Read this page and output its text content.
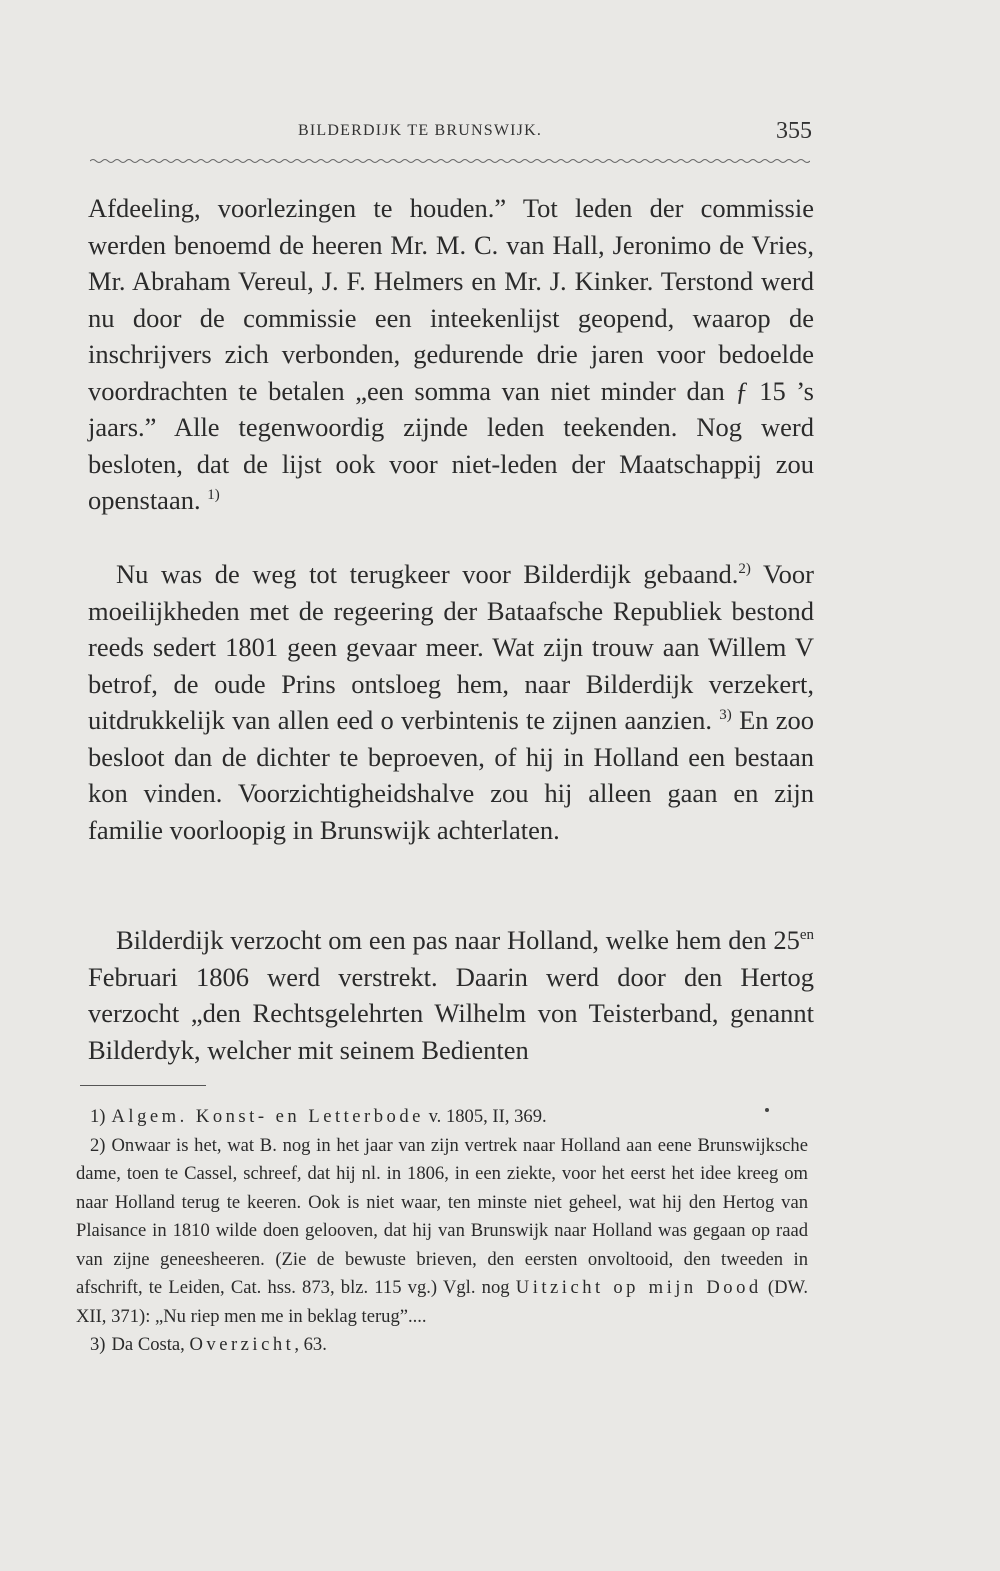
BILDERDIJK TE BRUNSWIJK.	355

Afdeeling, voorlezingen te houden.” Tot leden der commissie werden benoemd de heeren Mr. M. C. van Hall, Jeronimo de Vries, Mr. Abraham Vereul, J. F. Helmers en Mr. J. Kinker. Terstond werd nu door de commissie een inteekenlijst geopend, waarop de inschrijvers zich verbonden, gedurende drie jaren voor bedoelde voordrachten te betalen „een somma van niet minder dan ƒ 15 ’s jaars.” Alle tegenwoordig zijnde leden teekenden. Nog werd besloten, dat de lijst ook voor niet-leden der Maatschappij zou openstaan. $^{1)}$

Nu was de weg tot terugkeer voor Bilderdijk gebaand.$^{2)}$ Voor moeilijkheden met de regeering der Bataafsche Republiek bestond reeds sedert 1801 geen gevaar meer. Wat zijn trouw aan Willem V betrof, de oude Prins ontsloeg hem, naar Bilderdijk verzekert, uitdrukkelijk van allen eed o verbintenis te zijnen aanzien. $^{3)}$ En zoo besloot dan de dichter te beproeven, of hij in Holland een bestaan kon vinden. Voorzichtigheidshalve zou hij alleen gaan en zijn familie voorloopig in Brunswijk achterlaten.

Bilderdijk verzocht om een pas naar Holland, welke hem den $25^{en}$ Februari 1806 werd verstrekt. Daarin werd door den Hertog verzocht „den Rechtsgelehrten Wilhelm von Teisterband, genannt Bilderdyk, welcher mit seinem Bedienten

1) Algem. Konst- en Letterbode v. 1805, II, 369.

2) Onwaar is het, wat B. nog in het jaar van zijn vertrek naar Holland aan eene Brunswijksche dame, toen te Cassel, schreef, dat hij nl. in 1806, in een ziekte, voor het eerst het idee kreeg om naar Holland terug te keeren. Ook is niet waar, ten minste niet geheel, wat hij den Hertog van Plaisance in 1810 wilde doen gelooven, dat hij van Brunswijk naar Holland was gegaan op raad van zijne geneesheeren. (Zie de bewuste brieven, den eersten onvoltooid, den tweeden in afschrift, te Leiden, Cat. hss. 873, blz. 115 vg.) Vgl. nog Uitzicht op mijn Dood (DW. XII, 371): „Nu riep men me in beklag terug”....

3) Da Costa, Overzicht, 63.
